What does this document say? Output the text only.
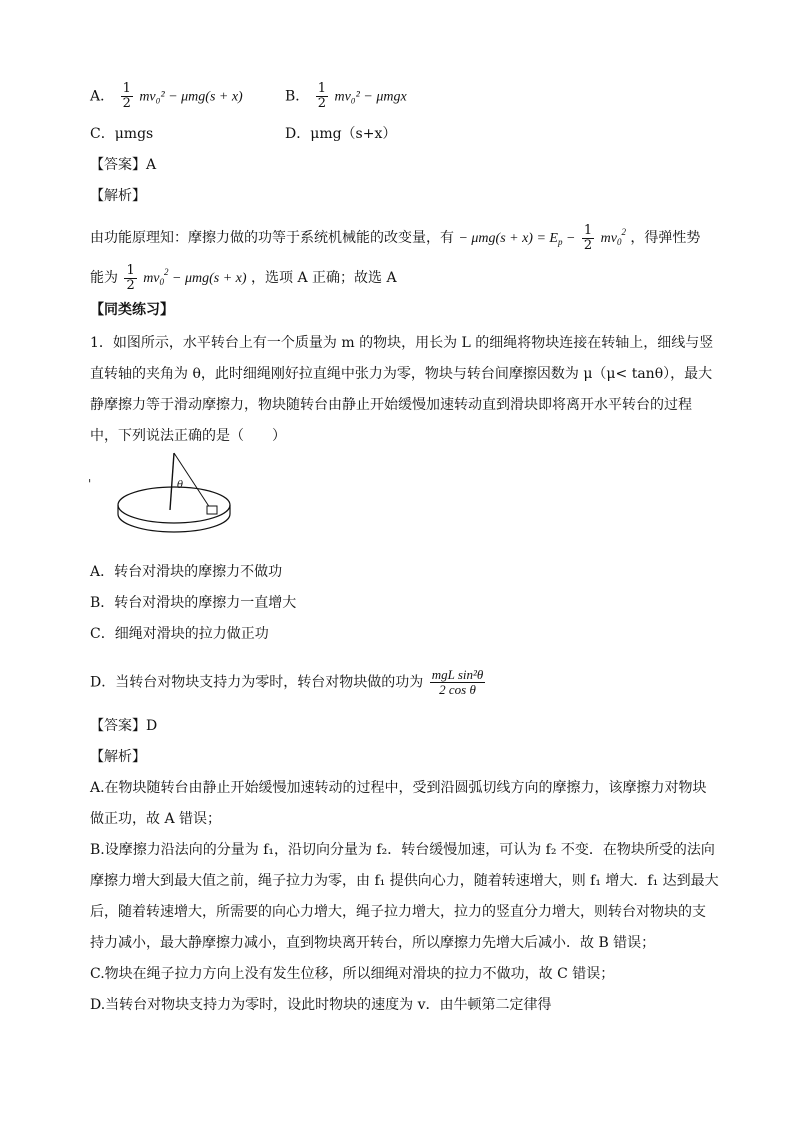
A． $\frac{1}{2} mv_0^2 - \mu mg(s + x)$	B． $\frac{1}{2} mv_0^2 - \mu mgx$
C．μmgs	D．μmg（s+x）
【答案】A
【解析】
由功能原理知：摩擦力做的功等于系统机械能的改变量，有 − $\mu mg(s + x) = E_p - \frac{1}{2} mv_0^2$ ，得弹性势
能为 $\frac{1}{2} mv_0^2 - \mu mg(s + x)$ ，选项 A 正确；故选 A
【同类练习】
1．如图所示，水平转台上有一个质量为 m 的物块，用长为 L 的细绳将物块连接在转轴上，细线与竖
直转轴的夹角为 θ，此时细绳刚好拉直绳中张力为零，物块与转台间摩擦因数为 μ（μ< tanθ），最大
静摩擦力等于滑动摩擦力，物块随转台由静止开始缓慢加速转动直到滑块即将离开水平转台的过程
中，下列说法正确的是（　　）
'	θ
A．转台对滑块的摩擦力不做功
B．转台对滑块的摩擦力一直增大
C．细绳对滑块的拉力做正功
D．当转台对物块支持力为零时，转台对物块做的功为 $\frac{\text{mgL sin²θ}}{\text{2 cos θ}}$
【答案】D
【解析】
A.在物块随转台由静止开始缓慢加速转动的过程中，受到沿圆弧切线方向的摩擦力，该摩擦力对物块
做正功，故 A 错误；
B.设摩擦力沿法向的分量为 f₁，沿切向分量为 f₂．转台缓慢加速，可认为 f₂ 不变．在物块所受的法向
摩擦力增大到最大值之前，绳子拉力为零，由 f₁ 提供向心力，随着转速增大，则 f₁ 增大．f₁ 达到最大
后，随着转速增大，所需要的向心力增大，绳子拉力增大，拉力的竖直分力增大，则转台对物块的支
持力减小，最大静摩擦力减小，直到物块离开转台，所以摩擦力先增大后减小．故 B 错误；
C.物块在绳子拉力方向上没有发生位移，所以细绳对滑块的拉力不做功，故 C 错误；
D.当转台对物块支持力为零时，设此时物块的速度为 v．由牛顿第二定律得
